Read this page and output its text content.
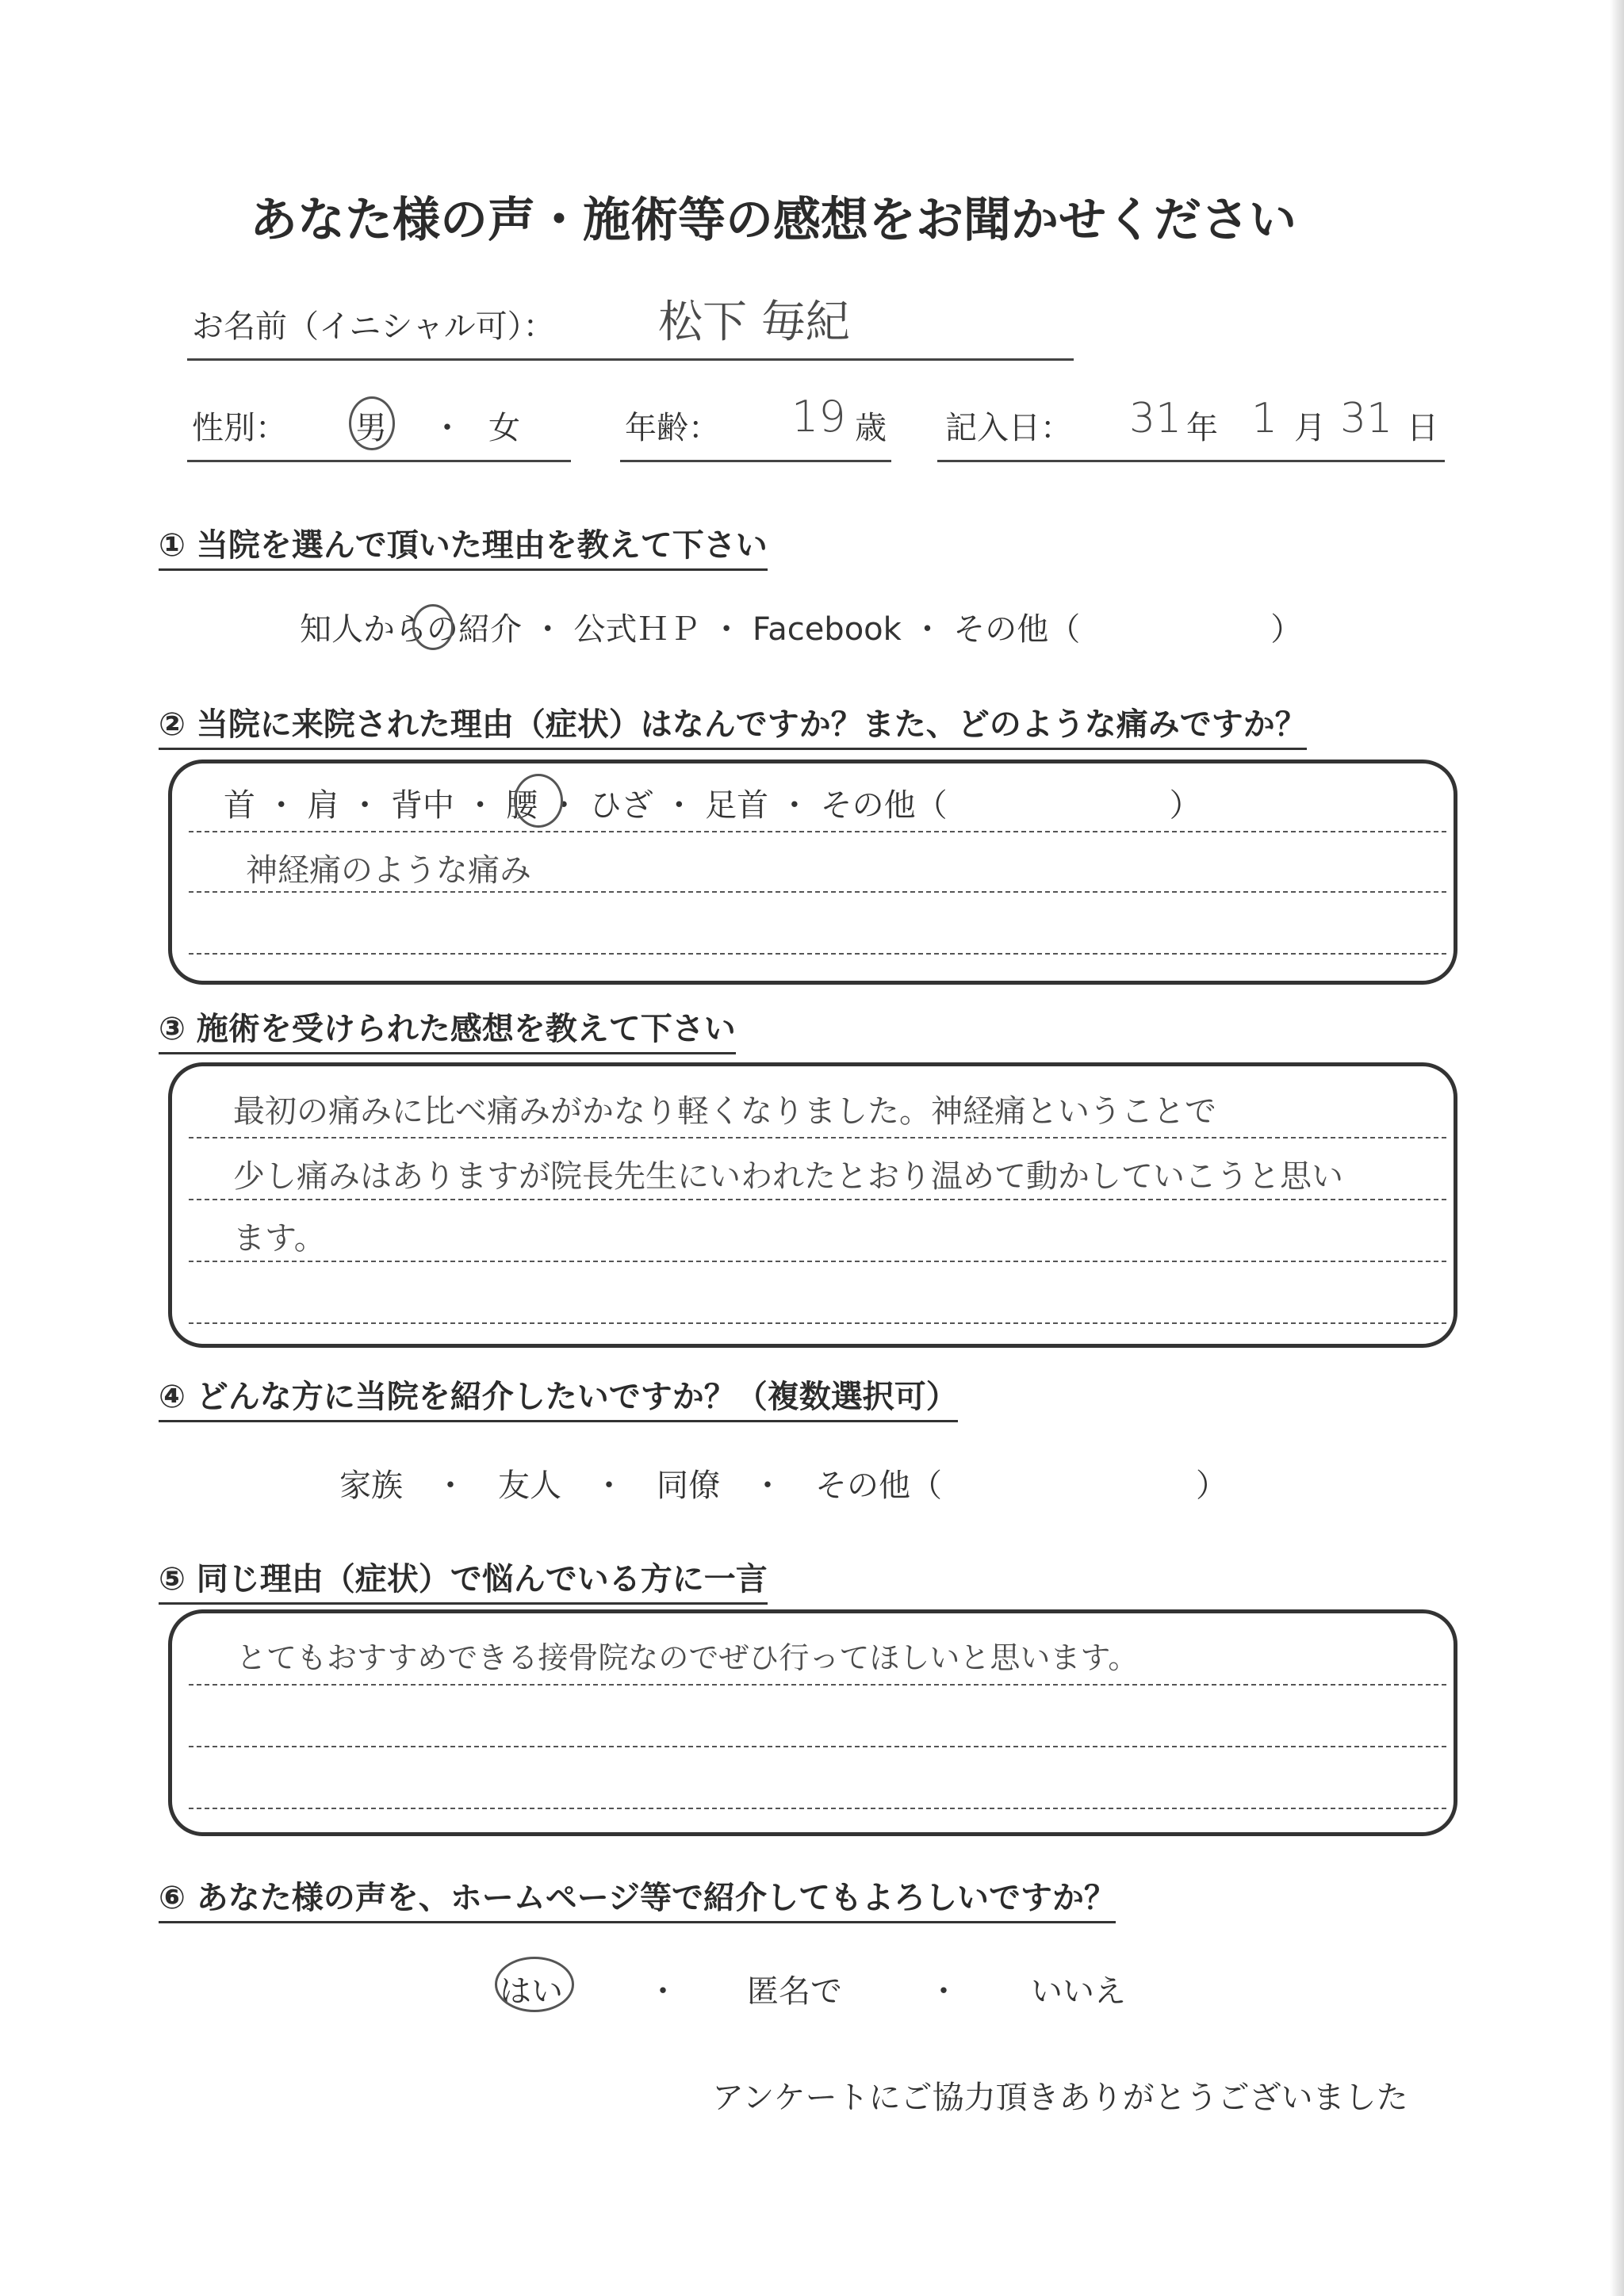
あなた様の声・施術等の感想をお聞かせください
お名前（イニシャル可）： 松下 毎紀
性別： 男 ・ 女	年齢： 19 歳 記入日： 31 年 1 月 31 日
① 当院を選んで頂いた理由を教えて下さい
知人からの紹介 ・ 公式ＨＰ ・ Facebook ・ その他（　　　　　　）
② 当院に来院された理由（症状）はなんですか？また、どのような痛みですか？
首 ・ 肩 ・ 背中 ・ 腰 ・ ひざ ・ 足首 ・ その他（　　　　　　　）
神経痛のような痛み
③ 施術を受けられた感想を教えて下さい
最初の痛みに比べ痛みがかなり軽くなりました。神経痛ということで
少し痛みはありますが院長先生にいわれたとおり温めて動かしていこうと思い
ます。
④ どんな方に当院を紹介したいですか？（複数選択可）
家族　・　友人　・　同僚　・　その他（　　　　　　　　）
⑤ 同じ理由（症状）で悩んでいる方に一言
とてもおすすめできる接骨院なのでぜひ行ってほしいと思います。
⑥ あなた様の声を、ホームページ等で紹介してもよろしいですか？
はい	・ 匿名で	・ いいえ
アンケートにご協力頂きありがとうございました
